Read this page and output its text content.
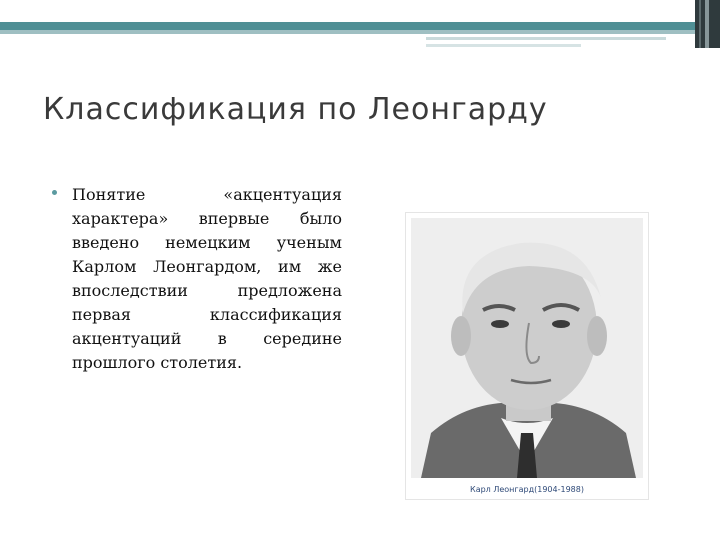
Классификация по Леонгарду

Понятие «акцентуация характера» впервые было введено немецким ученым Карлом Леонгардом, им же впоследствии предложена первая классификация акцентуаций в середине прошлого столетия.

Карл Леонгард(1904-1988)
